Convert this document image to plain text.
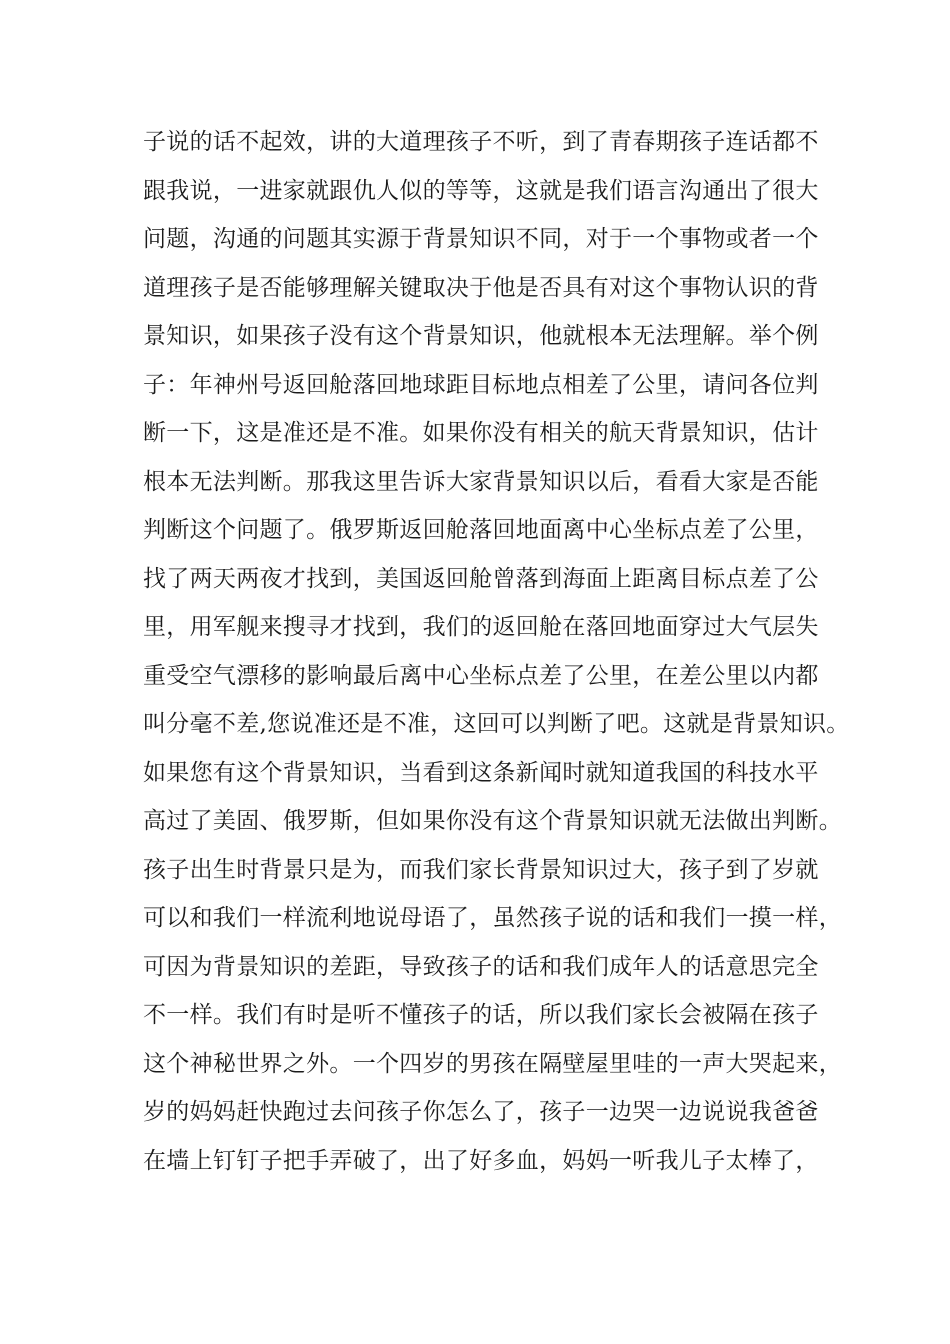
子说的话不起效，讲的大道理孩子不听，到了青春期孩子连话都不
跟我说，一进家就跟仇人似的等等，这就是我们语言沟通出了很大
问题，沟通的问题其实源于背景知识不同，对于一个事物或者一个
道理孩子是否能够理解关键取决于他是否具有对这个事物认识的背
景知识，如果孩子没有这个背景知识，他就根本无法理解。举个例
子：年神州号返回舱落回地球距目标地点相差了公里，请问各位判
断一下，这是准还是不准。如果你没有相关的航天背景知识，估计
根本无法判断。那我这里告诉大家背景知识以后，看看大家是否能
判断这个问题了。俄罗斯返回舱落回地面离中心坐标点差了公里，
找了两天两夜才找到，美国返回舱曾落到海面上距离目标点差了公
里，用军舰来搜寻才找到，我们的返回舱在落回地面穿过大气层失
重受空气漂移的影响最后离中心坐标点差了公里，在差公里以内都
叫分毫不差,您说准还是不准，这回可以判断了吧。这就是背景知识。
如果您有这个背景知识，当看到这条新闻时就知道我国的科技水平
高过了美固、俄罗斯，但如果你没有这个背景知识就无法做出判断。
孩子出生时背景只是为，而我们家长背景知识过大，孩子到了岁就
可以和我们一样流利地说母语了，虽然孩子说的话和我们一摸一样，
可因为背景知识的差距，导致孩子的话和我们成年人的话意思完全
不一样。我们有时是听不懂孩子的话，所以我们家长会被隔在孩子
这个神秘世界之外。一个四岁的男孩在隔壁屋里哇的一声大哭起来，
岁的妈妈赶快跑过去问孩子你怎么了，孩子一边哭一边说说我爸爸
在墙上钉钉子把手弄破了，出了好多血，妈妈一听我儿子太棒了，
